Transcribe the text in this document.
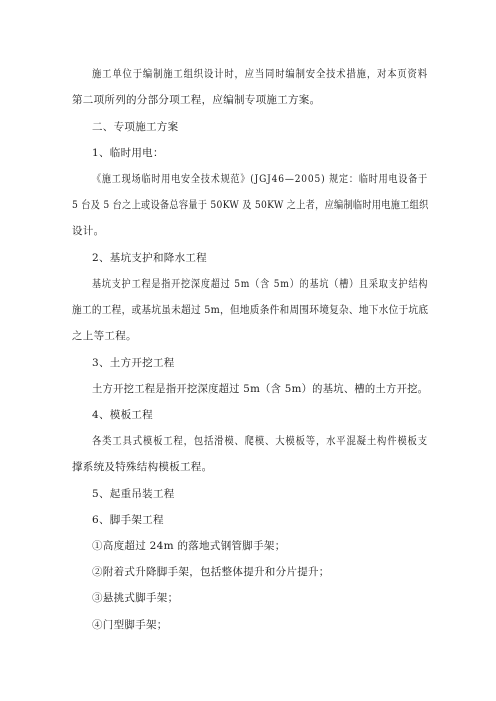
施工单位于编制施工组织设计时，应当同时编制安全技术措施，对本页资料
第二项所列的分部分项工程，应编制专项施工方案。
二、专项施工方案
1、临时用电：
《施工现场临时用电安全技术规范》(JGJ46—2005) 规定：临时用电设备于
5 台及 5 台之上或设备总容量于 50KW 及 50KW 之上者，应编制临时用电施工组织
设计。
2、基坑支护和降水工程
基坑支护工程是指开挖深度超过 5m（含 5m）的基坑（槽）且采取支护结构
施工的工程，或基坑虽未超过 5m，但地质条件和周围环境复杂、地下水位于坑底
之上等工程。
3、土方开挖工程
土方开挖工程是指开挖深度超过 5m（含 5m）的基坑、槽的土方开挖。
4、模板工程
各类工具式模板工程，包括滑模、爬模、大模板等，水平混凝土构件模板支
撑系统及特殊结构模板工程。
5、起重吊装工程
6、脚手架工程
①高度超过 24m 的落地式钢管脚手架；
②附着式升降脚手架，包括整体提升和分片提升；
③悬挑式脚手架；
④门型脚手架；
